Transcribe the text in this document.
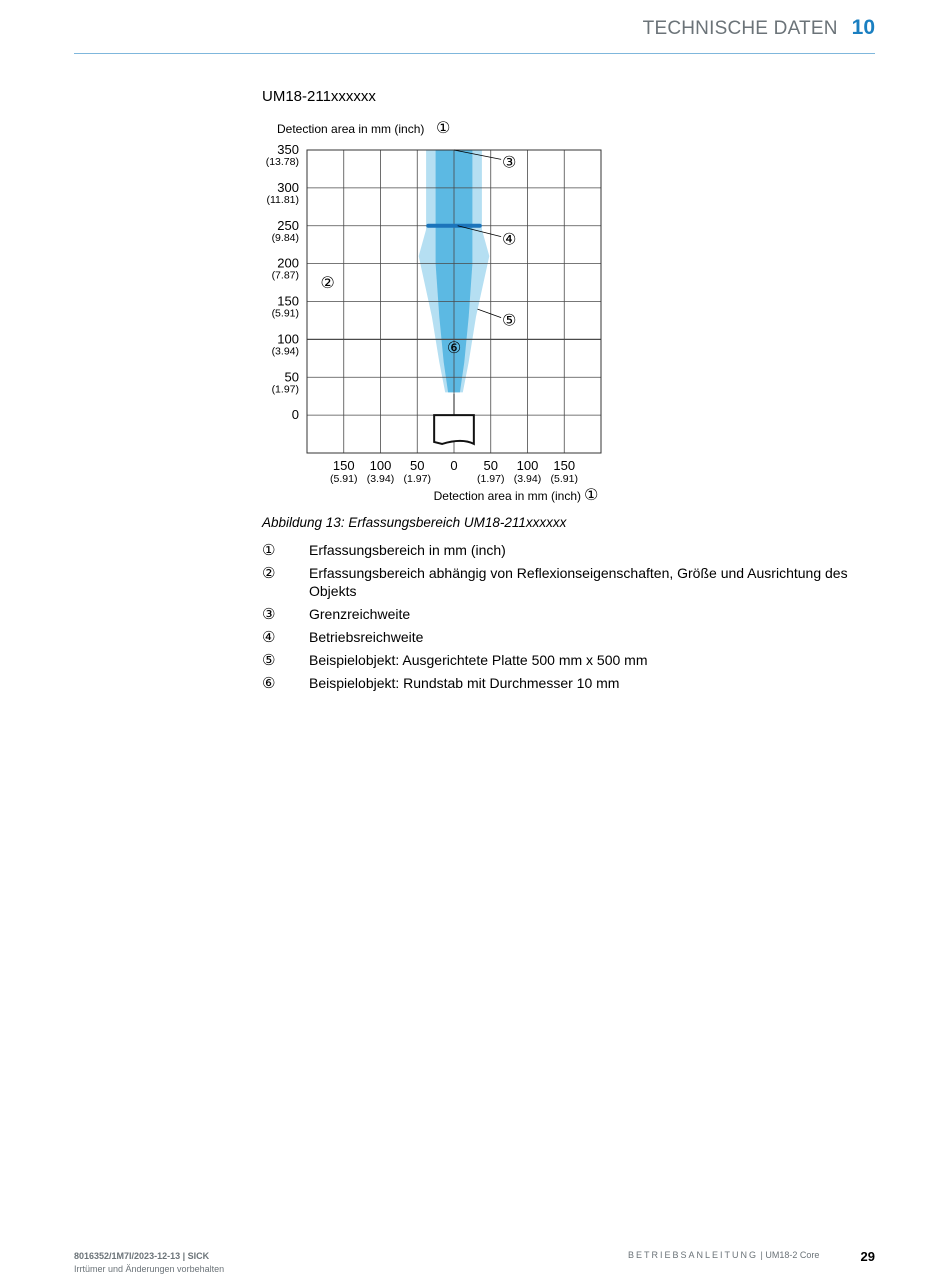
TECHNISCHE DATEN 10
UM18-211xxxxxx
Detection area in mm (inch) ①
350
(13.78)
300
(11.81)
250
(9.84)
200
(7.87)
150
(5.91)
100
(3.94)
50
(1.97)
0
150
(5.91)
100
(3.94)
50
(1.97)
0 50
(1.97)
100
(3.94)
150
(5.91)
Detection area in mm (inch) ①
③
④
⑤
⑥
②
Abbildung 13: Erfassungsbereich UM18-211xxxxxx
①	Erfassungsbereich in mm (inch)
②	Erfassungsbereich abhängig von Reflexionseigenschaften, Größe und Ausrichtung des Objekts
③	Grenzreichweite
④	Betriebsreichweite
⑤	Beispielobjekt: Ausgerichtete Platte 500 mm x 500 mm
⑥	Beispielobjekt: Rundstab mit Durchmesser 10 mm
8016352/1M7I/2023-12-13 | SICK
Irrtümer und Änderungen vorbehalten
BETRIEBSANLEITUNG | UM18-2 Core	29
